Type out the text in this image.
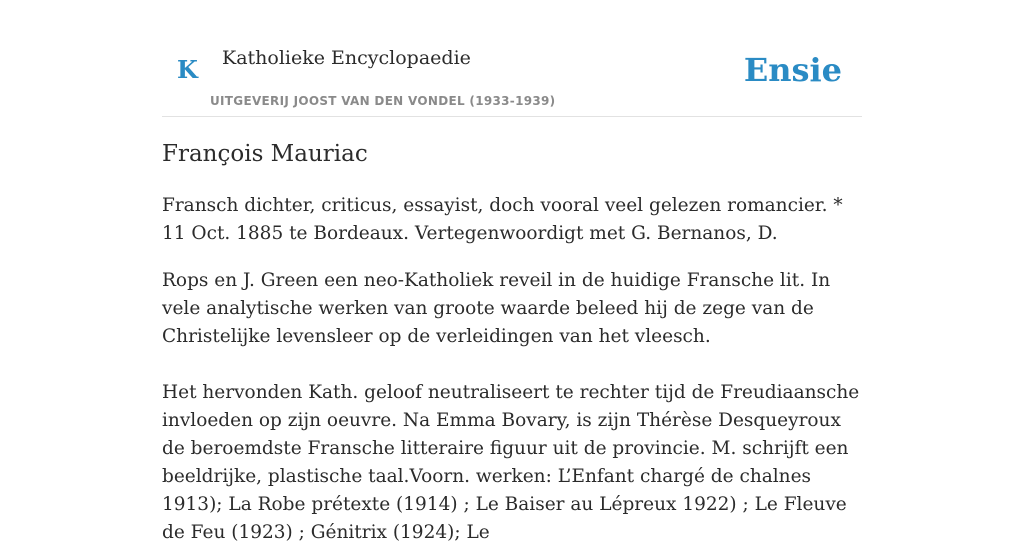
K Katholieke Encyclopaedie
UITGEVERIJ JOOST VAN DEN VONDEL (1933-1939)
Ensie
François Mauriac

Fransch dichter, criticus, essayist, doch vooral veel gelezen romancier. * 11 Oct. 1885 te Bordeaux. Vertegenwoordigt met G. Bernanos, D.

Rops en J. Green een neo-Katholiek reveil in de huidige Fransche lit. In vele analytische werken van groote waarde beleed hij de zege van de Christelijke levensleer op de verleidingen van het vleesch.

Het hervonden Kath. geloof neutraliseert te rechter tijd de Freudiaansche invloeden op zijn oeuvre. Na Emma Bovary, is zijn Thérèse Desqueyroux de beroemdste Fransche litteraire figuur uit de provincie. M. schrijft een beeldrijke, plastische taal.Voorn. werken: L’Enfant chargé de chalnes 1913); La Robe prétexte (1914) ; Le Baiser au Lépreux 1922) ; Le Fleuve de Feu (1923) ; Génitrix (1924); Le
